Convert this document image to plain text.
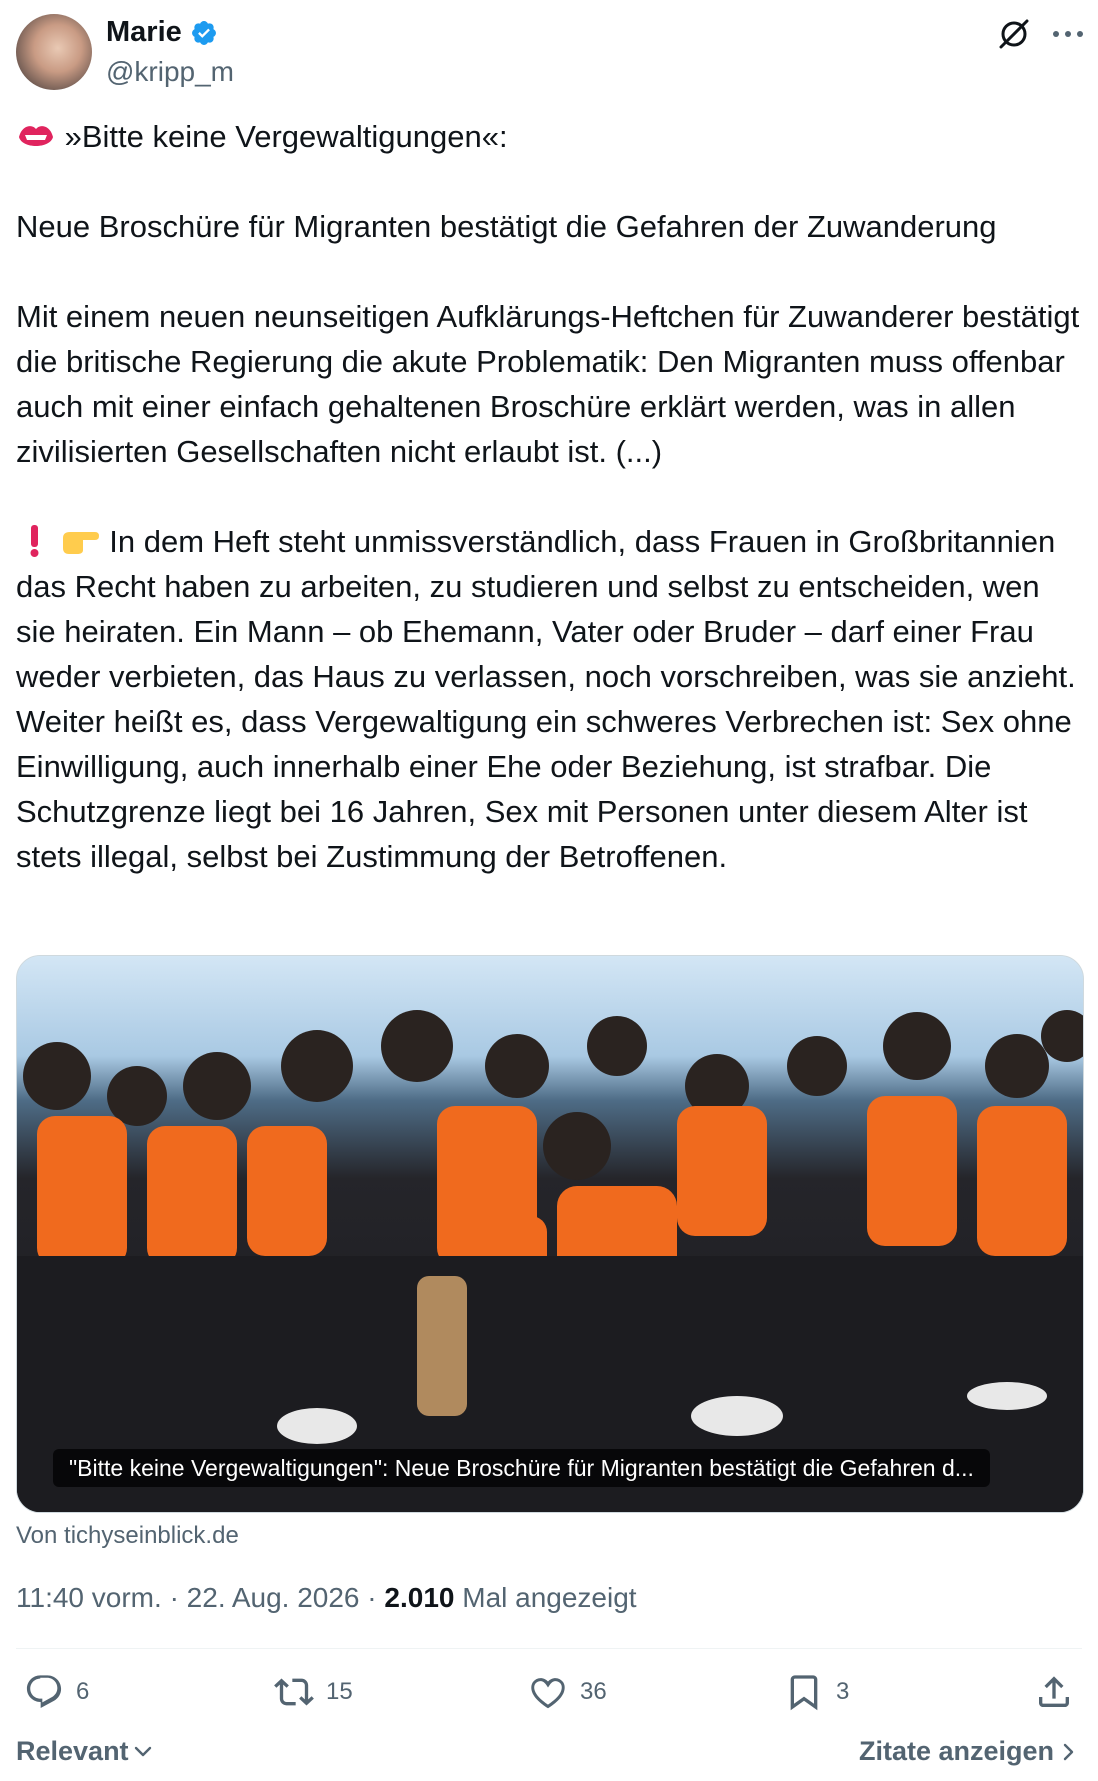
Marie
@kripp_m

»Bitte keine Vergewaltigungen«:

Neue Broschüre für Migranten bestätigt die Gefahren der Zuwanderung

Mit einem neuen neunseitigen Aufklärungs-Heftchen für Zuwanderer bestätigt die britische Regierung die akute Problematik: Den Migranten muss offenbar auch mit einer einfach gehaltenen Broschüre erklärt werden, was in allen zivilisierten Gesellschaften nicht erlaubt ist. (...)

In dem Heft steht unmissverständlich, dass Frauen in Großbritannien das Recht haben zu arbeiten, zu studieren und selbst zu entscheiden, wen sie heiraten. Ein Mann – ob Ehemann, Vater oder Bruder – darf einer Frau weder verbieten, das Haus zu verlassen, noch vorschreiben, was sie anzieht. Weiter heißt es, dass Vergewaltigung ein schweres Verbrechen ist: Sex ohne Einwilligung, auch innerhalb einer Ehe oder Beziehung, ist strafbar. Die Schutzgrenze liegt bei 16 Jahren, Sex mit Personen unter diesem Alter ist stets illegal, selbst bei Zustimmung der Betroffenen.

"Bitte keine Vergewaltigungen": Neue Broschüre für Migranten bestätigt die Gefahren d...
Von tichyseinblick.de
11:40 vorm. · 22. Aug. 2026 · 2.010 Mal angezeigt
6	15	36	3
Relevant	Zitate anzeigen
